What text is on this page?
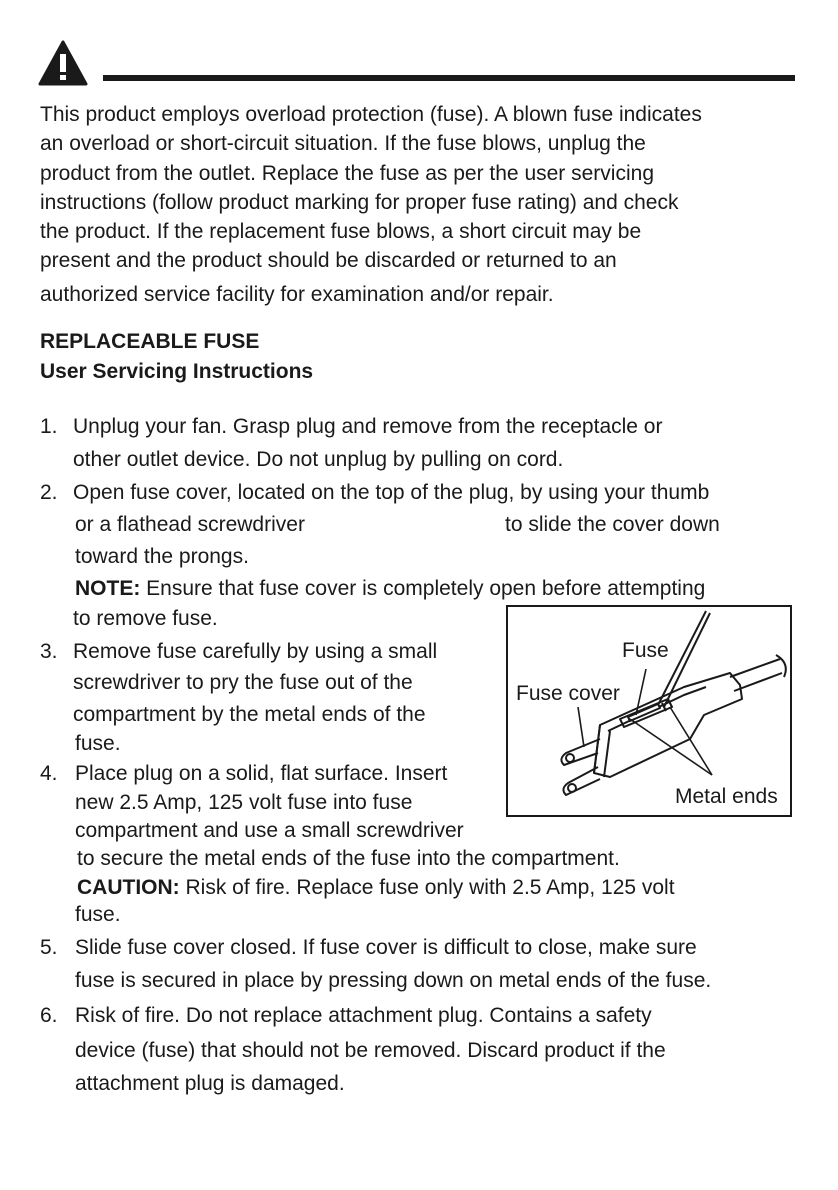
This product employs overload protection (fuse). A blown fuse indicates
an overload or short-circuit situation. If the fuse blows, unplug the
product from the outlet. Replace the fuse as per the user servicing
instructions (follow product marking for proper fuse rating) and check
the product. If the replacement fuse blows, a short circuit may be
present and the product should be discarded or returned to an
authorized service facility for examination and/or repair.
REPLACEABLE FUSE
User Servicing Instructions
1. Unplug your fan. Grasp plug and remove from the receptacle or
other outlet device. Do not unplug by pulling on cord.
2. Open fuse cover, located on the top of the plug, by using your thumb
or a flathead screwdriver	to slide the cover down
toward the prongs.
NOTE: Ensure that fuse cover is completely open before attempting
to remove fuse.
3. Remove fuse carefully by using a small
screwdriver to pry the fuse out of the
compartment by the metal ends of the
fuse.
4. Place plug on a solid, flat surface. Insert
new 2.5 Amp, 125 volt fuse into fuse
compartment and use a small screwdriver
to secure the metal ends of the fuse into the compartment.
CAUTION: Risk of fire. Replace fuse only with 2.5 Amp, 125 volt
fuse.
5. Slide fuse cover closed. If fuse cover is difficult to close, make sure
fuse is secured in place by pressing down on metal ends of the fuse.
6. Risk of fire. Do not replace attachment plug. Contains a safety
device (fuse) that should not be removed. Discard product if the
attachment plug is damaged.
Fuse
Fuse cover
Metal ends
